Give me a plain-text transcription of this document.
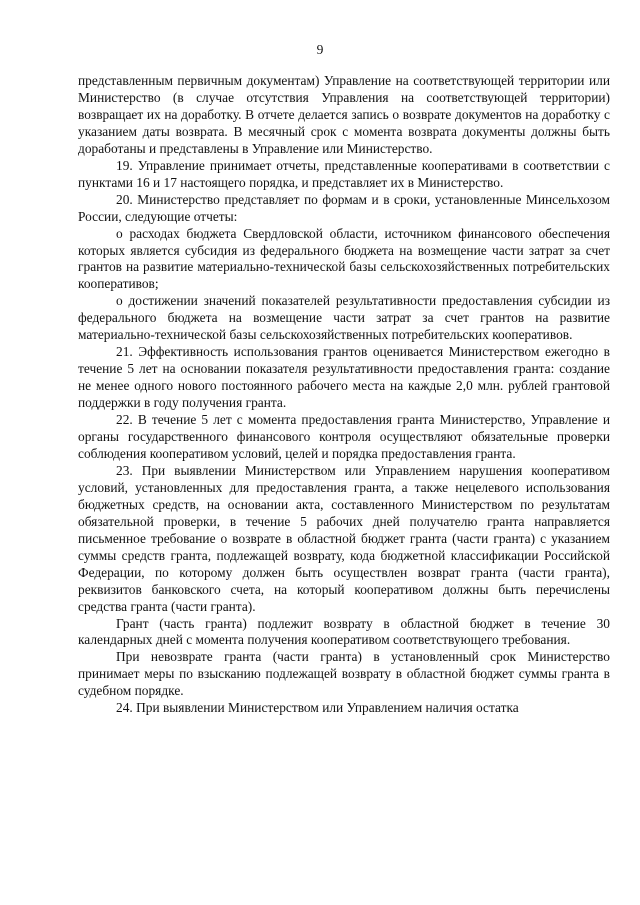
9

представленным первичным документам) Управление на соответствующей территории или Министерство (в случае отсутствия Управления на соответствующей территории) возвращает их на доработку. В отчете делается запись о возврате документов на доработку с указанием даты возврата. В месячный срок с момента возврата документы должны быть доработаны и представлены в Управление или Министерство.

19. Управление принимает отчеты, представленные кооперативами в соответствии с пунктами 16 и 17 настоящего порядка, и представляет их в Министерство.

20. Министерство представляет по формам и в сроки, установленные Минсельхозом России, следующие отчеты:

о расходах бюджета Свердловской области, источником финансового обеспечения которых является субсидия из федерального бюджета на возмещение части затрат за счет грантов на развитие материально-технической базы сельскохозяйственных потребительских кооперативов;

о достижении значений показателей результативности предоставления субсидии из федерального бюджета на возмещение части затрат за счет грантов на развитие материально-технической базы сельскохозяйственных потребительских кооперативов.

21. Эффективность использования грантов оценивается Министерством ежегодно в течение 5 лет на основании показателя результативности предоставления гранта: создание не менее одного нового постоянного рабочего места на каждые 2,0 млн. рублей грантовой поддержки в году получения гранта.

22. В течение 5 лет с момента предоставления гранта Министерство, Управление и органы государственного финансового контроля осуществляют обязательные проверки соблюдения кооперативом условий, целей и порядка предоставления гранта.

23. При выявлении Министерством или Управлением нарушения кооперативом условий, установленных для предоставления гранта, а также нецелевого использования бюджетных средств, на основании акта, составленного Министерством по результатам обязательной проверки, в течение 5 рабочих дней получателю гранта направляется письменное требование о возврате в областной бюджет гранта (части гранта) с указанием суммы средств гранта, подлежащей возврату, кода бюджетной классификации Российской Федерации, по которому должен быть осуществлен возврат гранта (части гранта), реквизитов банковского счета, на который кооперативом должны быть перечислены средства гранта (части гранта).

Грант (часть гранта) подлежит возврату в областной бюджет в течение 30 календарных дней с момента получения кооперативом соответствующего требования.

При невозврате гранта (части гранта) в установленный срок Министерство принимает меры по взысканию подлежащей возврату в областной бюджет суммы гранта в судебном порядке.

24. При выявлении Министерством или Управлением наличия остатка
